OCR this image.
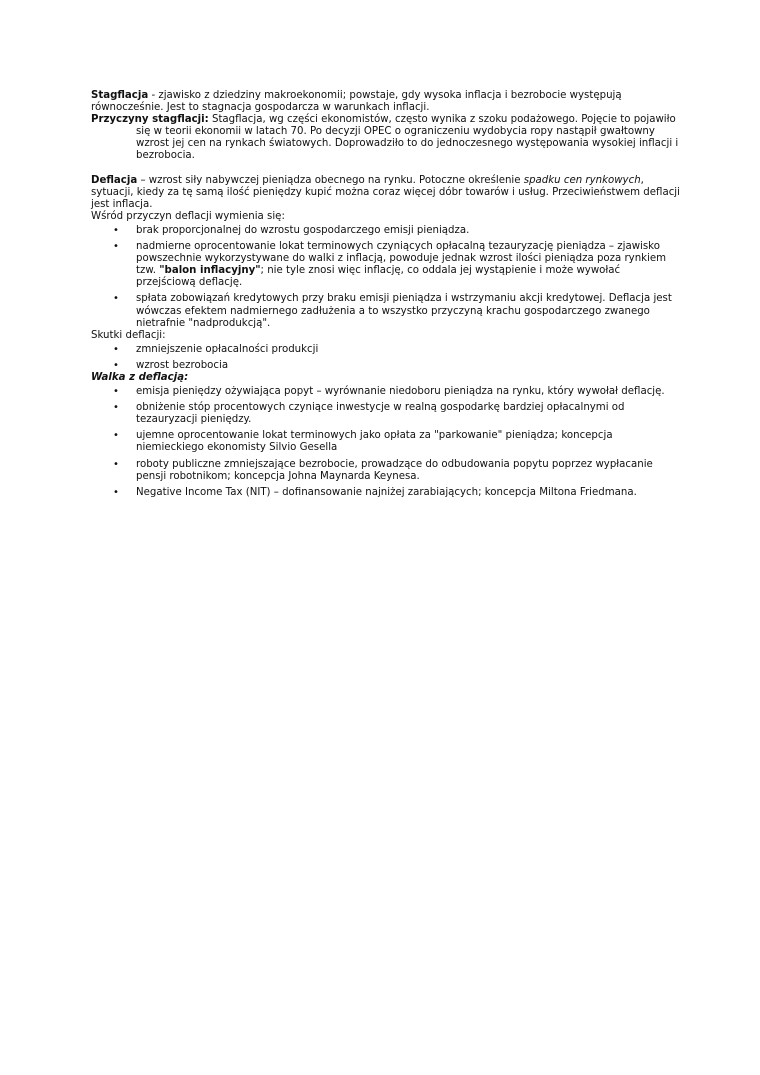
Stagflacja - zjawisko z dziedziny makroekonomii; powstaje, gdy wysoka inflacja i bezrobocie występują równocześnie. Jest to stagnacja gospodarcza w warunkach inflacji.

Przyczyny stagflacji: Stagflacja, wg części ekonomistów, często wynika z szoku podażowego. Pojęcie to pojawiło się w teorii ekonomii w latach 70. Po decyzji OPEC o ograniczeniu wydobycia ropy nastąpił gwałtowny wzrost jej cen na rynkach światowych. Doprowadziło to do jednoczesnego występowania wysokiej inflacji i bezrobocia.

Deflacja – wzrost siły nabywczej pieniądza obecnego na rynku. Potoczne określenie spadku cen rynkowych, sytuacji, kiedy za tę samą ilość pieniędzy kupić można coraz więcej dóbr towarów i usług. Przeciwieństwem deflacji jest inflacja.

Wśród przyczyn deflacji wymienia się:

• brak proporcjonalnej do wzrostu gospodarczego emisji pieniądza.
• nadmierne oprocentowanie lokat terminowych czyniących opłacalną tezauryzację pieniądza – zjawisko powszechnie wykorzystywane do walki z inflacją, powoduje jednak wzrost ilości pieniądza poza rynkiem tzw. "balon inflacyjny"; nie tyle znosi więc inflację, co oddala jej wystąpienie i może wywołać przejściową deflację.
• spłata zobowiązań kredytowych przy braku emisji pieniądza i wstrzymaniu akcji kredytowej. Deflacja jest wówczas efektem nadmiernego zadłużenia a to wszystko przyczyną krachu gospodarczego zwanego nietrafnie "nadprodukcją".

Skutki deflacji:

• zmniejszenie opłacalności produkcji
• wzrost bezrobocia

Walka z deflacją:

• emisja pieniędzy ożywiająca popyt – wyrównanie niedoboru pieniądza na rynku, który wywołał deflację.
• obniżenie stóp procentowych czyniące inwestycje w realną gospodarkę bardziej opłacalnymi od tezauryzacji pieniędzy.
• ujemne oprocentowanie lokat terminowych jako opłata za "parkowanie" pieniądza; koncepcja niemieckiego ekonomisty Silvio Gesella
• roboty publiczne zmniejszające bezrobocie, prowadzące do odbudowania popytu poprzez wypłacanie pensji robotnikom; koncepcja Johna Maynarda Keynesa.
• Negative Income Tax (NIT) – dofinansowanie najniżej zarabiających; koncepcja Miltona Friedmana.
